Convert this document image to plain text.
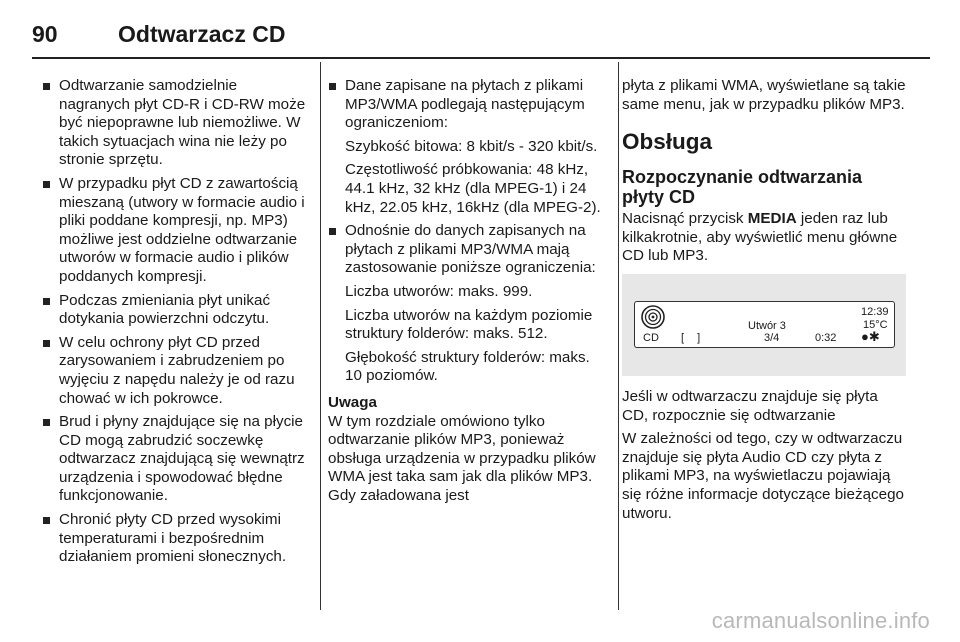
90	Odtwarzacz CD
Odtwarzanie samodzielnie nagranych płyt CD-R i CD-RW może być niepoprawne lub niemożliwe. W takich sytuacjach wina nie leży po stronie sprzętu.
W przypadku płyt CD z zawartością mieszaną (utwory w formacie audio i pliki poddane kompresji, np. MP3) możliwe jest oddzielne odtwarzanie utworów w formacie audio i plików poddanych kompresji.
Podczas zmieniania płyt unikać dotykania powierzchni odczytu.
W celu ochrony płyt CD przed zarysowaniem i zabrudzeniem po wyjęciu z napędu należy je od razu chować w ich pokrowce.
Brud i płyny znajdujące się na płycie CD mogą zabrudzić soczewkę odtwarzacz znajdującą się wewnątrz urządzenia i spowodować błędne funkcjonowanie.
Chronić płyty CD przed wysokimi temperaturami i bezpośrednim działaniem promieni słonecznych.
Dane zapisane na płytach z plikami MP3/WMA podlegają następującym ograniczeniom:
Szybkość bitowa: 8 kbit/s - 320 kbit/s.
Częstotliwość próbkowania: 48 kHz, 44.1 kHz, 32 kHz (dla MPEG-1) i 24 kHz, 22.05 kHz, 16kHz (dla MPEG-2).
Odnośnie do danych zapisanych na płytach z plikami MP3/WMA mają zastosowanie poniższe ograniczenia:
Liczba utworów: maks. 999.
Liczba utworów na każdym poziomie struktury folderów: maks. 512.
Głębokość struktury folderów: maks. 10 poziomów.
Uwaga
W tym rozdziale omówiono tylko odtwarzanie plików MP3, ponieważ obsługa urządzenia w przypadku plików WMA jest taka sam jak dla plików MP3. Gdy załadowana jest
płyta z plikami WMA, wyświetlane są takie same menu, jak w przypadku plików MP3.
Obsługa
Rozpoczynanie odtwarzania płyty CD
Nacisnąć przycisk MEDIA jeden raz lub kilkakrotnie, aby wyświetlić menu główne CD lub MP3.
CD [ ]
Utwór 3
3/4	0:32
12:39
15°C
●✱
Jeśli w odtwarzaczu znajduje się płyta CD, rozpocznie się odtwarzanie
W zależności od tego, czy w odtwarzaczu znajduje się płyta Audio CD czy płyta z plikami MP3, na wyświetlaczu pojawiają się różne informacje dotyczące bieżącego utworu.
carmanualsonline.info
